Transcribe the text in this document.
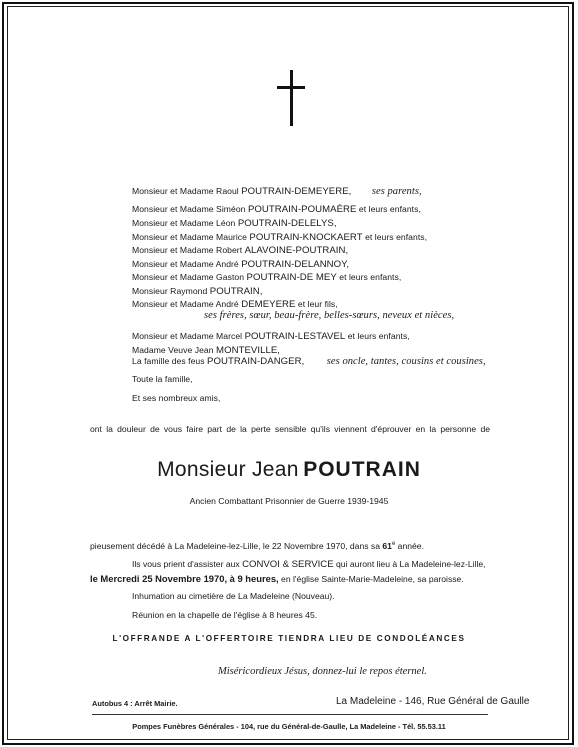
Monsieur et Madame Raoul POUTRAIN-DEMEYERE, ses parents,
Monsieur et Madame Siméon POUTRAIN-POUMAÈRE et leurs enfants,
Monsieur et Madame Léon POUTRAIN-DELELYS,
Monsieur et Madame Maurice POUTRAIN-KNOCKAERT et leurs enfants,
Monsieur et Madame Robert ALAVOINE-POUTRAIN,
Monsieur et Madame André POUTRAIN-DELANNOY,
Monsieur et Madame Gaston POUTRAIN-DE MEY et leurs enfants,
Monsieur Raymond POUTRAIN,
Monsieur et Madame André DEMEYERE et leur fils,
ses frères, sœur, beau-frère, belles-sœurs, neveux et nièces,
Monsieur et Madame Marcel POUTRAIN-LESTAVEL et leurs enfants,
Madame Veuve Jean MONTEVILLE,
La famille des feus POUTRAIN-DANGER, ses oncle, tantes, cousins et cousines,
Toute la famille,
Et ses nombreux amis,
ont la douleur de vous faire part de la perte sensible qu'ils viennent d'éprouver en la personne de
Monsieur Jean POUTRAIN
Ancien Combattant Prisonnier de Guerre 1939-1945
pieusement décédé à La Madeleine-lez-Lille, le 22 Novembre 1970, dans sa 61e année.
Ils vous prient d'assister aux CONVOI & SERVICE qui auront lieu à La Madeleine-lez-Lille,
le Mercredi 25 Novembre 1970, à 9 heures, en l'église Sainte-Marie-Madeleine, sa paroisse.
Inhumation au cimetière de La Madeleine (Nouveau).
Réunion en la chapelle de l'église à 8 heures 45.
L'OFFRANDE A L'OFFERTOIRE TIENDRA LIEU DE CONDOLÉANCES
Miséricordieux Jésus, donnez-lui le repos éternel.
Autobus 4 : Arrêt Mairie.	La Madeleine - 146, Rue Général de Gaulle
Pompes Funèbres Générales - 104, rue du Général-de-Gaulle, La Madeleine - Tél. 55.53.11
